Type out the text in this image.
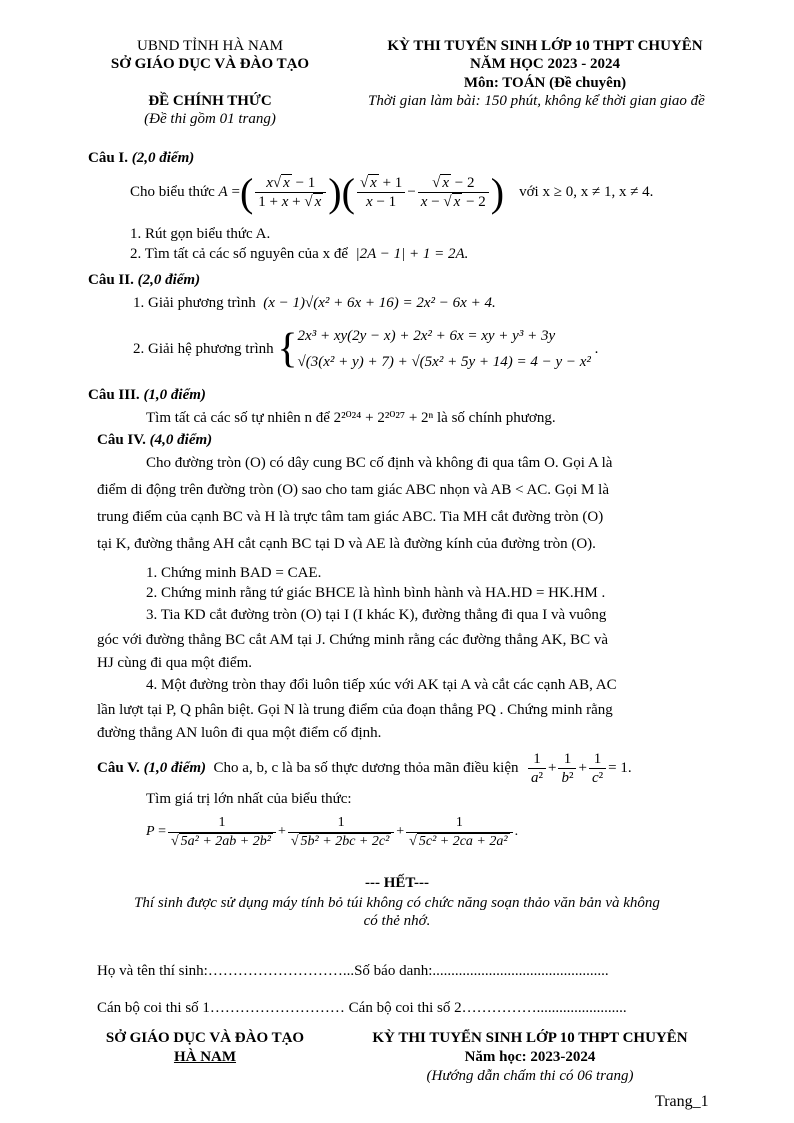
UBND TỈNH HÀ NAM
SỞ GIÁO DỤC VÀ ĐÀO TẠO
KỲ THI TUYỂN SINH LỚP 10 THPT CHUYÊN
NĂM HỌC 2023 - 2024
Môn: TOÁN (Đề chuyên)
ĐỀ CHÍNH THỨC
(Đề thi gồm 01 trang)
Thời gian làm bài: 150 phút, không kể thời gian giao đề
Câu I. (2,0 điểm)
Cho biểu thức
A = ( $\frac{x√ x - 1}{1 + x + √ x}$ ) ( $\frac{√ x + 1}{x - 1} - \frac{√ x - 2}{x - √ x - 2}$ )
với x ≥ 0, x ≠ 1, x ≠ 4.
1. Rút gọn biểu thức A.
2. Tìm tất cả các số nguyên của x để |2A − 1| + 1 = 2A.
Câu II. (2,0 điểm)
1. Giải phương trình (x − 1)√(x² + 6x + 16) = 2x² − 6x + 4.
2. Giải hệ phương trình
{ 2x³ + xy(2y − x) + 2x² + 6x = xy + y³ + 3y
√(3(x² + y) + 7) + √(5x² + 5y + 14) = 4 − y − x²
.
Câu III. (1,0 điểm)
Tìm tất cả các số tự nhiên n để 2²⁰²⁴ + 2²⁰²⁷ + 2ⁿ là số chính phương.
Câu IV. (4,0 điểm)
Cho đường tròn (O) có dây cung BC cố định và không đi qua tâm O. Gọi A là
điểm di động trên đường tròn (O) sao cho tam giác ABC nhọn và AB < AC. Gọi M là
trung điểm của cạnh BC và H là trực tâm tam giác ABC. Tia MH cắt đường tròn (O)
tại K, đường thẳng AH cắt cạnh BC tại D và AE là đường kính của đường tròn (O).
1. Chứng minh BAD = CAE.
2. Chứng minh rằng tứ giác BHCE là hình bình hành và HA.HD = HK.HM .
3. Tia KD cắt đường tròn (O) tại I (I khác K), đường thẳng đi qua I và vuông
góc với đường thẳng BC cắt AM tại J. Chứng minh rằng các đường thẳng AK, BC và
HJ cùng đi qua một điểm.
4. Một đường tròn thay đổi luôn tiếp xúc với AK tại A và cắt các cạnh AB, AC
lần lượt tại P, Q phân biệt. Gọi N là trung điểm của đoạn thẳng PQ . Chứng minh rằng
đường thẳng AN luôn đi qua một điểm cố định.
Câu V.
(1,0 điểm)
Cho a, b, c là ba số thực dương thỏa mãn điều kiện
$\frac{1}{\text{a²}} + \frac{1}{\text{b²}} + \frac{1}{\text{c²}} = 1$.
Tìm giá trị lớn nhất của biểu thức:
$P = \frac{1}{\text{√ 5a² + 2ab + 2b²}} + \frac{1}{\text{√ 5b² + 2bc + 2c²}} + \frac{1}{\text{√ 5c² + 2ca + 2a²}}$ .
--- HẾT---
Thí sinh được sử dụng máy tính bỏ túi không có chức năng soạn thảo văn bản và không
có thẻ nhớ.
Họ và tên thí sinh:………………………...Số báo danh:...............................................
Cán bộ coi thi số 1……………………… Cán bộ coi thi số 2……………........................
SỞ GIÁO DỤC VÀ ĐÀO TẠO
HÀ NAM
KỲ THI TUYỂN SINH LỚP 10 THPT CHUYÊN
Năm học: 2023-2024
(Hướng dẫn chấm thi có 06 trang)
Trang_1
